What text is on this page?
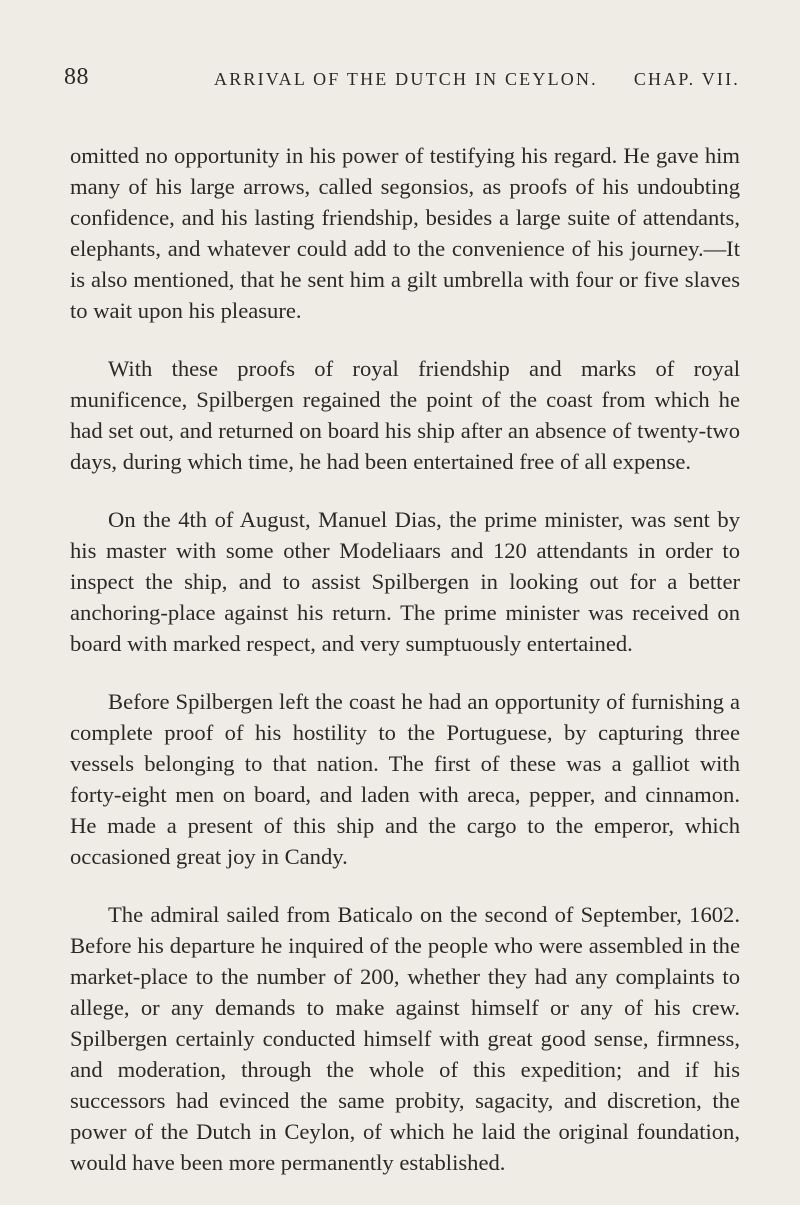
88	ARRIVAL OF THE DUTCH IN CEYLON. CHAP. VII.

omitted no opportunity in his power of testifying his regard. He gave him many of his large arrows, called segonsios, as proofs of his undoubting confidence, and his lasting friendship, besides a large suite of attendants, elephants, and whatever could add to the convenience of his journey.—It is also mentioned, that he sent him a gilt umbrella with four or five slaves to wait upon his pleasure.

With these proofs of royal friendship and marks of royal munificence, Spilbergen regained the point of the coast from which he had set out, and returned on board his ship after an absence of twenty-two days, during which time, he had been entertained free of all expense.

On the 4th of August, Manuel Dias, the prime minister, was sent by his master with some other Modeliaars and 120 attendants in order to inspect the ship, and to assist Spilbergen in looking out for a better anchoring-place against his return. The prime minister was received on board with marked respect, and very sumptuously entertained.

Before Spilbergen left the coast he had an opportunity of furnishing a complete proof of his hostility to the Portuguese, by capturing three vessels belonging to that nation. The first of these was a galliot with forty-eight men on board, and laden with areca, pepper, and cinnamon. He made a present of this ship and the cargo to the emperor, which occasioned great joy in Candy.

The admiral sailed from Baticalo on the second of September, 1602. Before his departure he inquired of the people who were assembled in the market-place to the number of 200, whether they had any complaints to allege, or any demands to make against himself or any of his crew. Spilbergen certainly conducted himself with great good sense, firmness, and moderation, through the whole of this expedition; and if his successors had evinced the same probity, sagacity, and discretion, the power of the Dutch in Ceylon, of which he laid the original foundation, would have been more permanently established.
